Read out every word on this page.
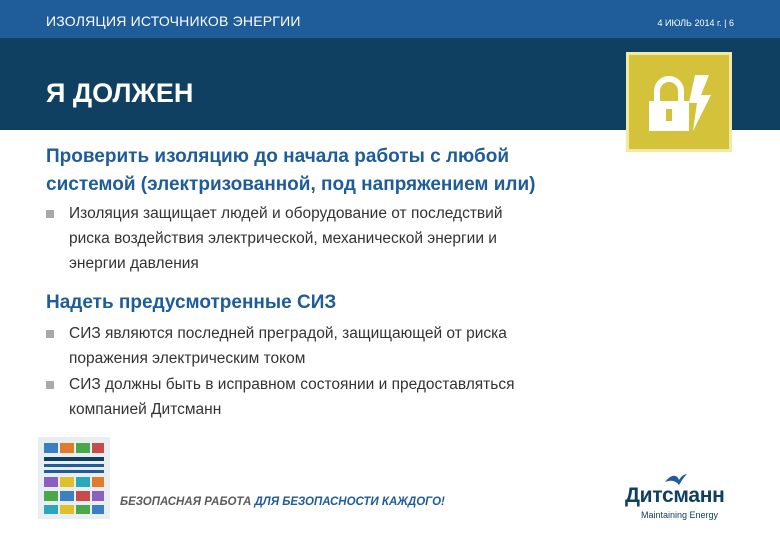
ИЗОЛЯЦИЯ ИСТОЧНИКОВ ЭНЕРГИИ	4 ИЮЛЬ 2014 г. | 6
Я ДОЛЖЕН
Проверить изоляцию до начала работы с любой
системой (электризованной, под напряжением или)
Изоляция защищает людей и оборудование от последствий
риска воздействия электрической, механической энергии и
энергии давления
Надеть предусмотренные СИЗ
СИЗ являются последней преградой, защищающей от риска
поражения электрическим током
СИЗ должны быть в исправном состоянии и предоставляться
компанией Дитсманн
БЕЗОПАСНАЯ РАБОТА ДЛЯ БЕЗОПАСНОСТИ КАЖДОГО!	Дитсманн
Maintaining Energy
